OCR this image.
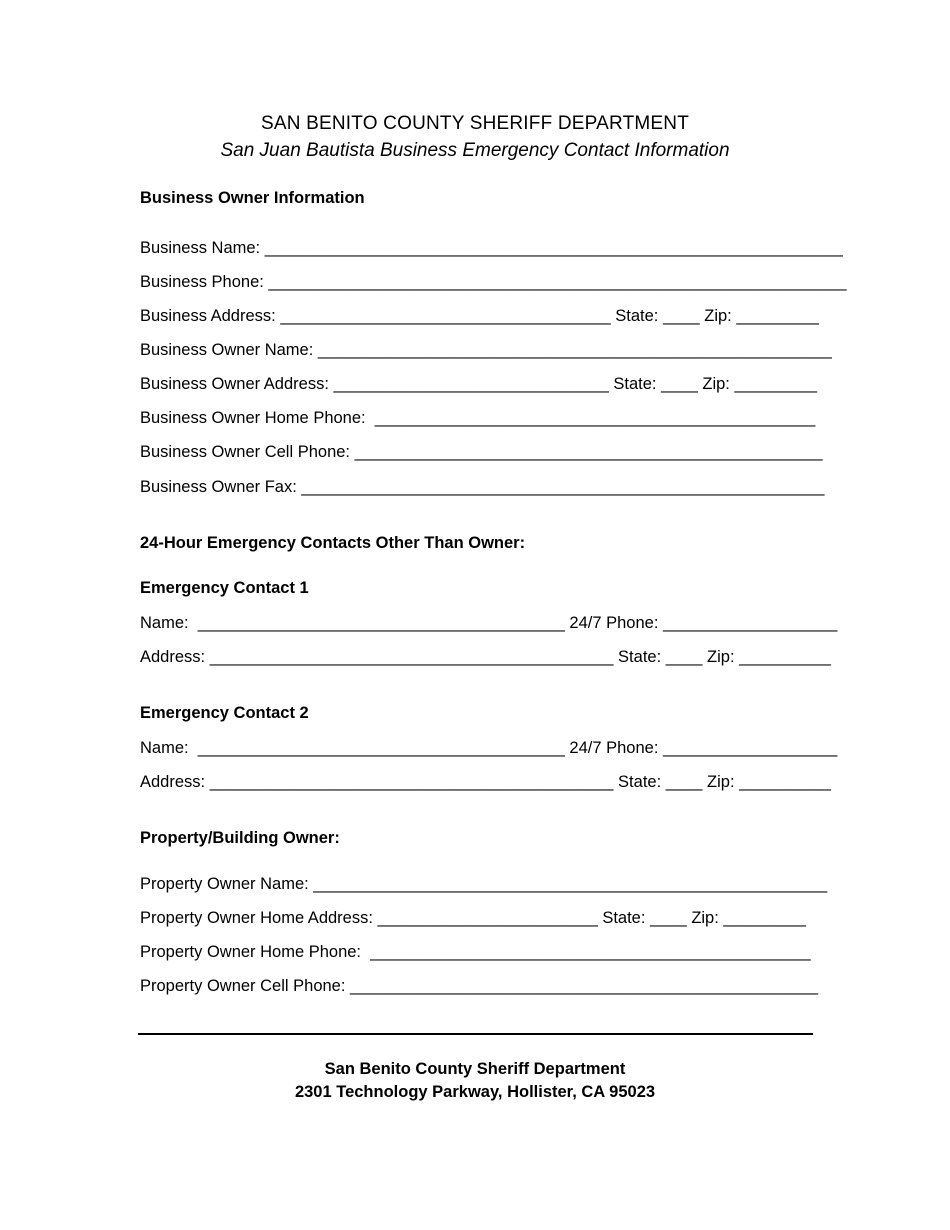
SAN BENITO COUNTY SHERIFF DEPARTMENT
San Juan Bautista Business Emergency Contact Information
Business Owner Information
Business Name: _______________________________________________________________
Business Phone: _______________________________________________________________
Business Address: ____________________________________ State: ____ Zip: _________
Business Owner Name: ________________________________________________________
Business Owner Address: ______________________________ State: ____ Zip: _________
Business Owner Home Phone:  ________________________________________________
Business Owner Cell Phone: ___________________________________________________
Business Owner Fax: _________________________________________________________
24-Hour Emergency Contacts Other Than Owner:
Emergency Contact 1
Name:  ________________________________________ 24/7 Phone: ___________________
Address: ____________________________________________ State: ____ Zip: __________
Emergency Contact 2
Name:  ________________________________________ 24/7 Phone: ___________________
Address: ____________________________________________ State: ____ Zip: __________
Property/Building Owner:
Property Owner Name: ________________________________________________________
Property Owner Home Address: ________________________ State: ____ Zip: _________
Property Owner Home Phone:  ________________________________________________
Property Owner Cell Phone: ___________________________________________________
San Benito County Sheriff Department
2301 Technology Parkway, Hollister, CA 95023
